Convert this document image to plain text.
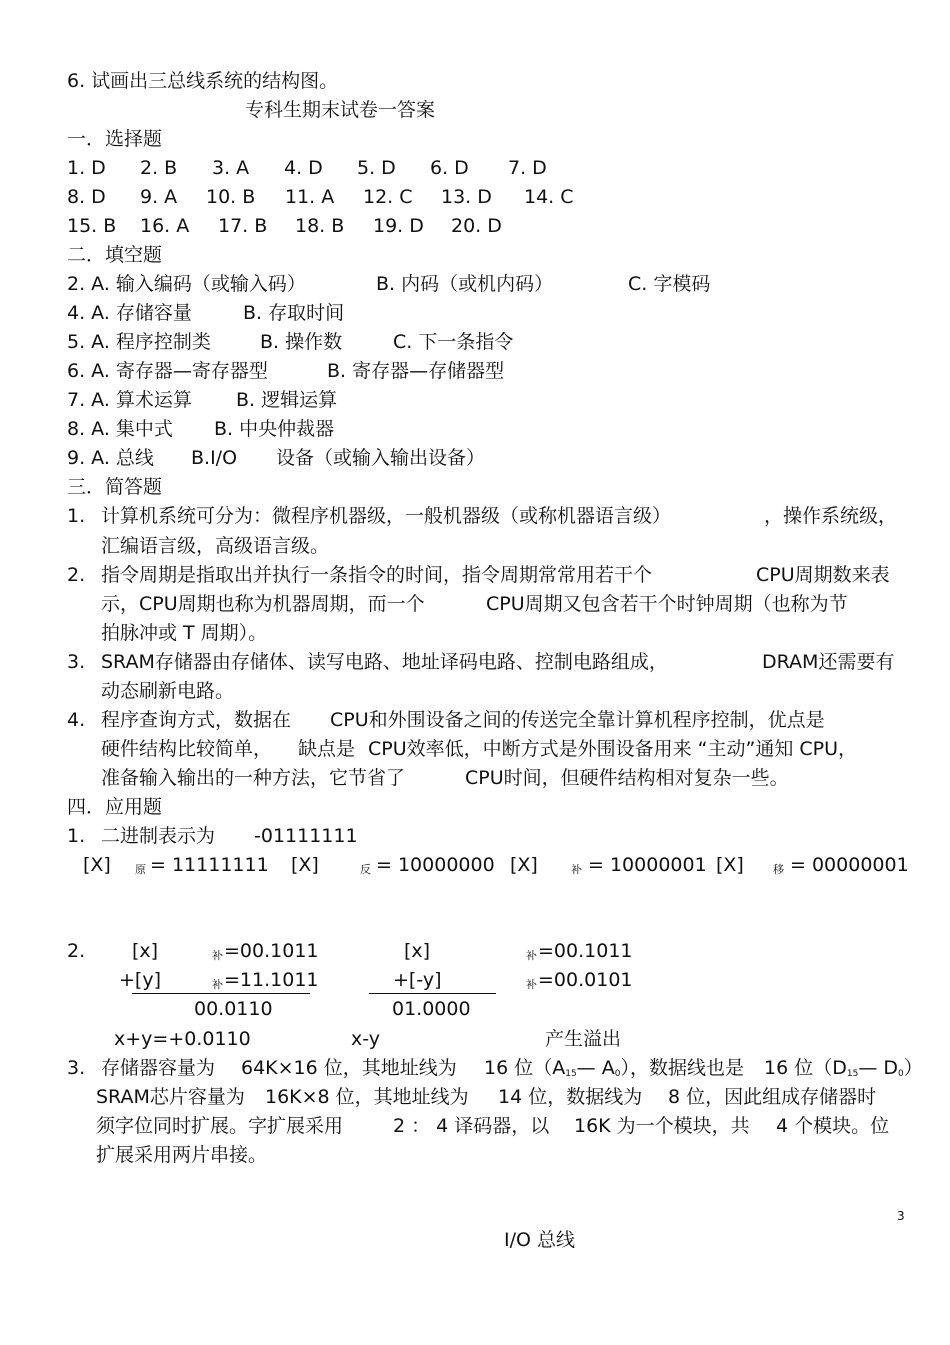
6. 试画出三总线系统的结构图。
专科生期末试卷一答案
一．选择题
1. D 2. B 3. A 4. D 5. D 6. D 7. D
8. D 9. A 10. B 11. A 12. C 13. D 14. C
15. B 16. A 17. B 18. B 19. D 20. D
二．填空题
2. A. 输入编码（或输入码）	B. 内码（或机内码）	C. 字模码
4. A. 存储容量	B. 存取时间
5. A. 程序控制类	B. 操作数	C. 下一条指令
6. A. 寄存器—寄存器型	B. 寄存器—存储器型
7. A. 算术运算 B. 逻辑运算
8. A. 集中式 B. 中央仲裁器
9. A. 总线 B.I/O 设备（或输入输出设备）
三．简答题
1. 计算机系统可分为：微程序机器级，一般机器级（或称机器语言级）	，操作系统级，
汇编语言级，高级语言级。
2. 指令周期是指取出并执行一条指令的时间，指令周期常常用若干个	CPU周期数来表
示，CPU周期也称为机器周期，而一个	CPU周期又包含若干个时钟周期（也称为节
拍脉冲或 T 周期）。
3. SRAM存储器由存储体、读写电路、地址译码电路、控制电路组成，	DRAM还需要有
动态刷新电路。
4. 程序查询方式，数据在 CPU和外围设备之间的传送完全靠计算机程序控制，优点是
硬件结构比较简单， 缺点是 CPU效率低，中断方式是外围设备用来 “主动”通知 CPU，
准备输入输出的一种方法，它节省了	CPU时间，但硬件结构相对复杂一些。
四．应用题
1. 二进制表示为 -01111111
[X] 原 = 11111111 [X]	反 = 10000000 [X]	补 = 10000001 [X]	移 = 00000001
2. [x]	补 =00.1011
+[y]	补 =11.1011
00.0110
[x]	补 =00.1011
+[-y]	补 =00.0101
01.0000
x+y=+0.0110	x-y	产生溢出
3. 存储器容量为 64K×16 位，其地址线为 16 位（A15— A0），数据线也是 16 位（D15— D0）
SRAM芯片容量为 16K×8 位，其地址线为 14 位，数据线为 8 位，因此组成存储器时
须字位同时扩展。字扩展采用	2 ： 4 译码器，以 16K 为一个模块，共 4 个模块。位
扩展采用两片串接。
3
I/O 总线
